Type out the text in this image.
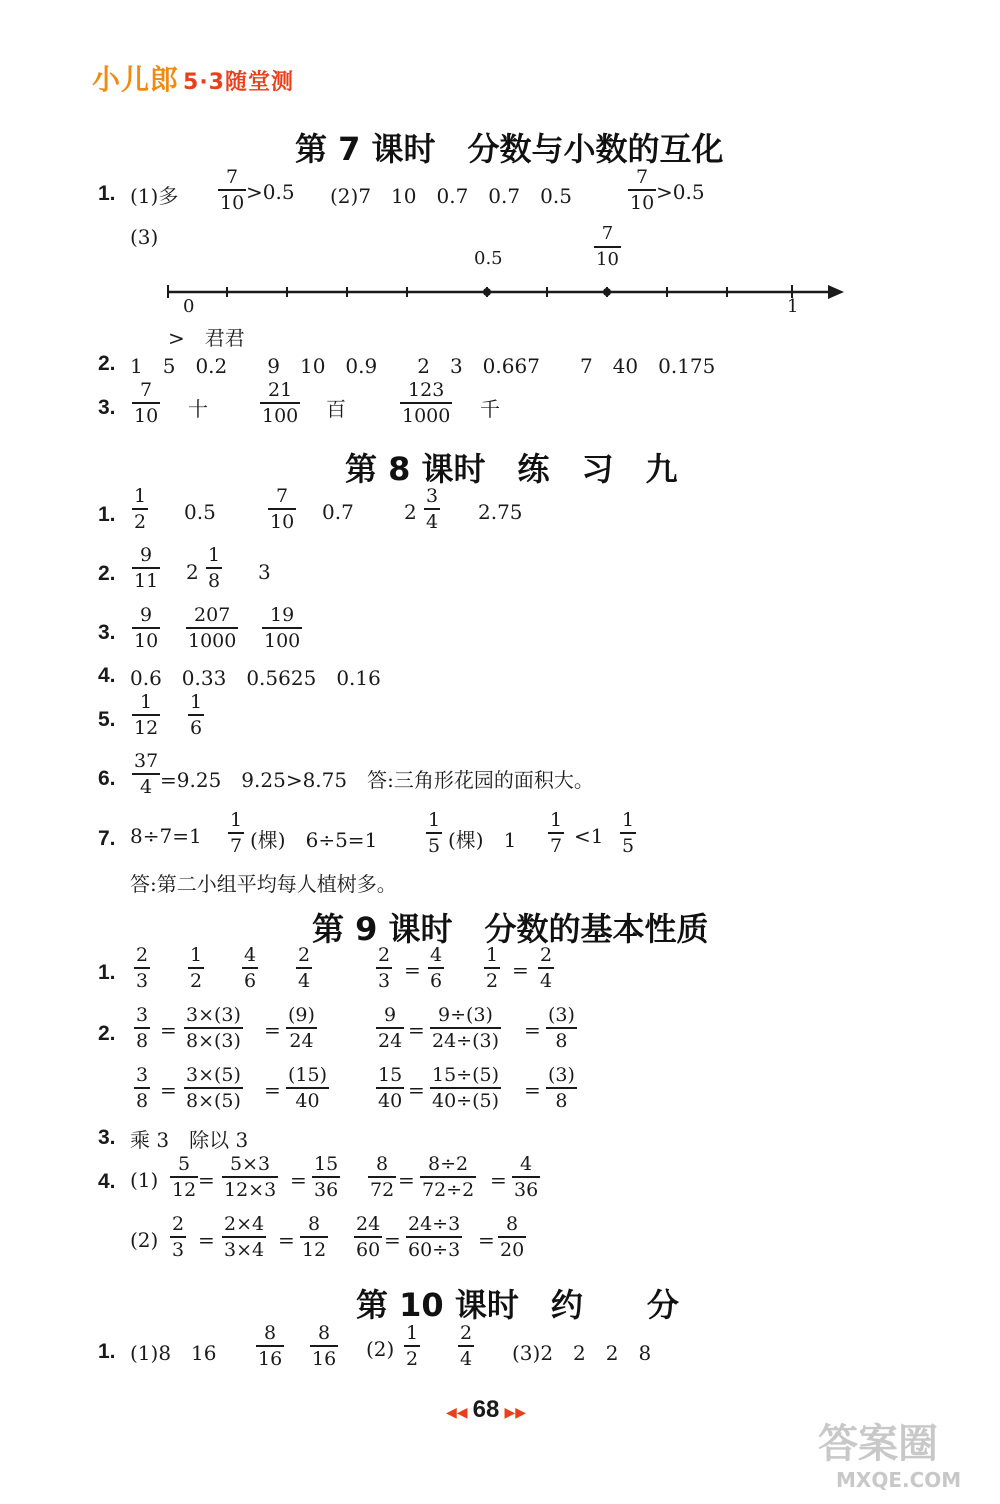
小儿郎 5·3随堂测
第 7 课时　分数与小数的互化
1. (1)多
7
10 >0.5 (2)7　10　0.7　0.7　0.5
7
10 >0.5
(3)
0	1
0.5
7
10
>　君君
2. 1　5　0.2　　9　10　0.9　　2　3　0.667　　7　40　0.175
3.
7
10 十
21
100 百
123
1000 千
第 8 课时　练　习　九
1.
1
2 0.5
7
10 0.7	2
3
4 2.75
2.
9
11 2
1
8 3
3.
9
10
207
1000
19
100
4. 0.6　0.33　0.5625　0.16
5.
1
12
1
6
6.
37
4 =9.25　9.25>8.75　答:三角形花园的面积大。
7. 8÷7=1
1
7 (棵)　6÷5=1
1
5 (棵)　1
1
7 <1
1
5
答:第二小组平均每人植树多。
第 9 课时　分数的基本性质
1.
2
3
1
2
4
6
2
4
2
3 =
4
6
1
2 =
2
4
2.
3
8 =
3×(3)
8×(3) =
(9)
24
9
24 =
9÷(3)
24÷(3) =
(3)
8
3
8 =
3×(5)
8×(5) =
(15)
40
15
40 =
15÷(5)
40÷(5) =
(3)
8
3. 乘 3　除以 3
4. (1)
5
12 =
5×3
12×3 =
15
36
8
72 =
8÷2
72÷2 =
4
36
(2)
2
3 =
2×4
3×4 =
8
12
24
60 =
24÷3
60÷3 =
8
20
第 10 课时　约　　分
1. (1)8　16
8
16
8
16 (2)
1
2
2
4 (3)2　2　2　8
◀◀ 68 ▶▶
答案圈
MXQE.COM
